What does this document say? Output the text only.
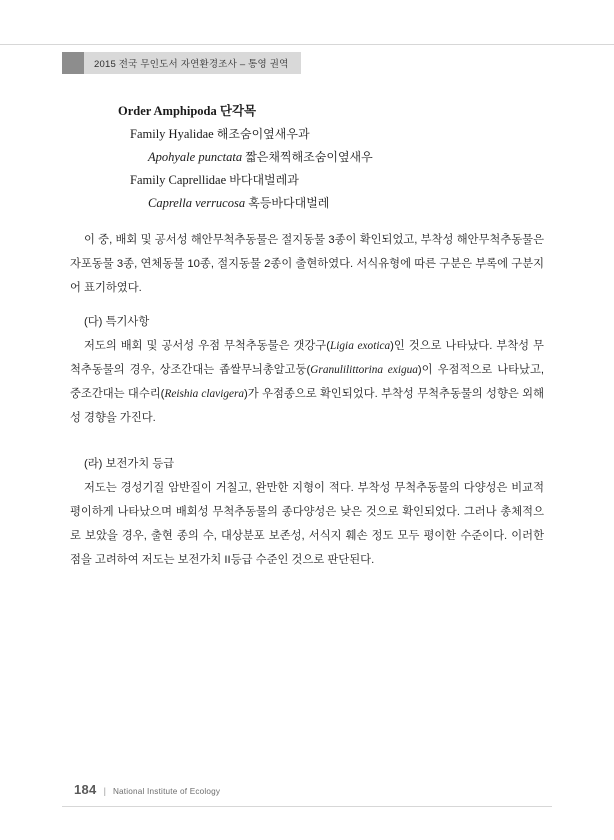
2015 전국 무인도서 자연환경조사 – 통영 권역
Order Amphipoda 단각목
Family Hyalidae 해조숨이옆새우과
Apohyale punctata 짧은채찍해조숨이옆새우
Family Caprellidae 바다대벌레과
Caprella verrucosa 혹등바다대벌레
이 중, 배회 및 공서성 해안무척추동물은 절지동물 3종이 확인되었고, 부착성 해안무척추동물은 자포동물 3종, 연체동물 10종, 절지동물 2종이 출현하였다. 서식유형에 따른 구분은 부록에 구분지어 표기하였다.
(다) 특기사항
저도의 배회 및 공서성 우점 무척추동물은 갯강구(Ligia exotica)인 것으로 나타났다. 부착성 무척추동물의 경우, 상조간대는 좁쌀무늬총알고둥(Granulilittorina exigua)이 우점적으로 나타났고, 중조간대는 대수리(Reishia clavigera)가 우점종으로 확인되었다. 부착성 무척추동물의 성향은 외해성 경향을 가진다.
(라) 보전가치 등급
저도는 경성기질 암반질이 거칠고, 완만한 지형이 적다. 부착성 무척추동물의 다양성은 비교적 평이하게 나타났으며 배회성 무척추동물의 종다양성은 낮은 것으로 확인되었다. 그러나 총체적으로 보았을 경우, 출현 종의 수, 대상분포 보존성, 서식지 훼손 정도 모두 평이한 수준이다. 이러한 점을 고려하여 저도는 보전가치 II등급 수준인 것으로 판단된다.
184 | National Institute of Ecology
